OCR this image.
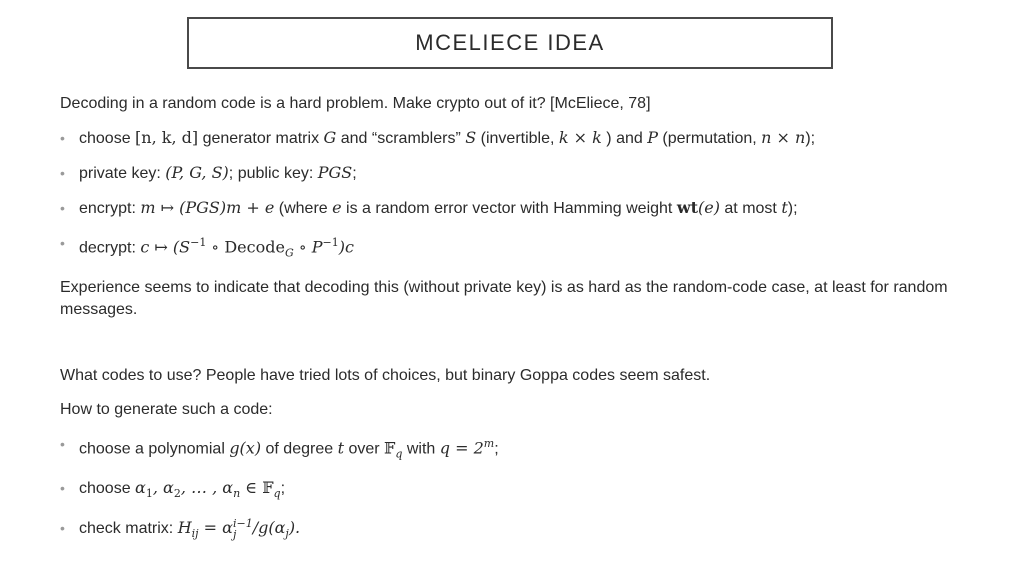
MCELIECE IDEA

Decoding in a random code is a hard problem. Make crypto out of it? [McEliece, 78]

• choose [n, k, d] generator matrix G and “scramblers” S (invertible, k × k ) and P (permutation, n × n);
• private key: (P, G, S); public key: PGS;
• encrypt: m ↦ (PGS)m + e (where e is a random error vector with Hamming weight wt(e) at most t);
• decrypt: c ↦ ($S^{-1}$ ∘ Decode$_G$ ∘ $P^{-1})c$

Experience seems to indicate that decoding this (without private key) is as hard as the random-code case, at least for random messages.

What codes to use? People have tried lots of choices, but binary Goppa codes seem safest.

How to generate such a code:

• choose a polynomial g(x) of degree t over 𝔽$_q$ with $q = 2^m$;
• choose $\alpha_1$, $\alpha_2$, … , $\alpha_n$ ∈ 𝔽$_q$;
• check matrix: $H_{ij} = \alpha$ i−1
j	$/g(\alpha_j)$.
